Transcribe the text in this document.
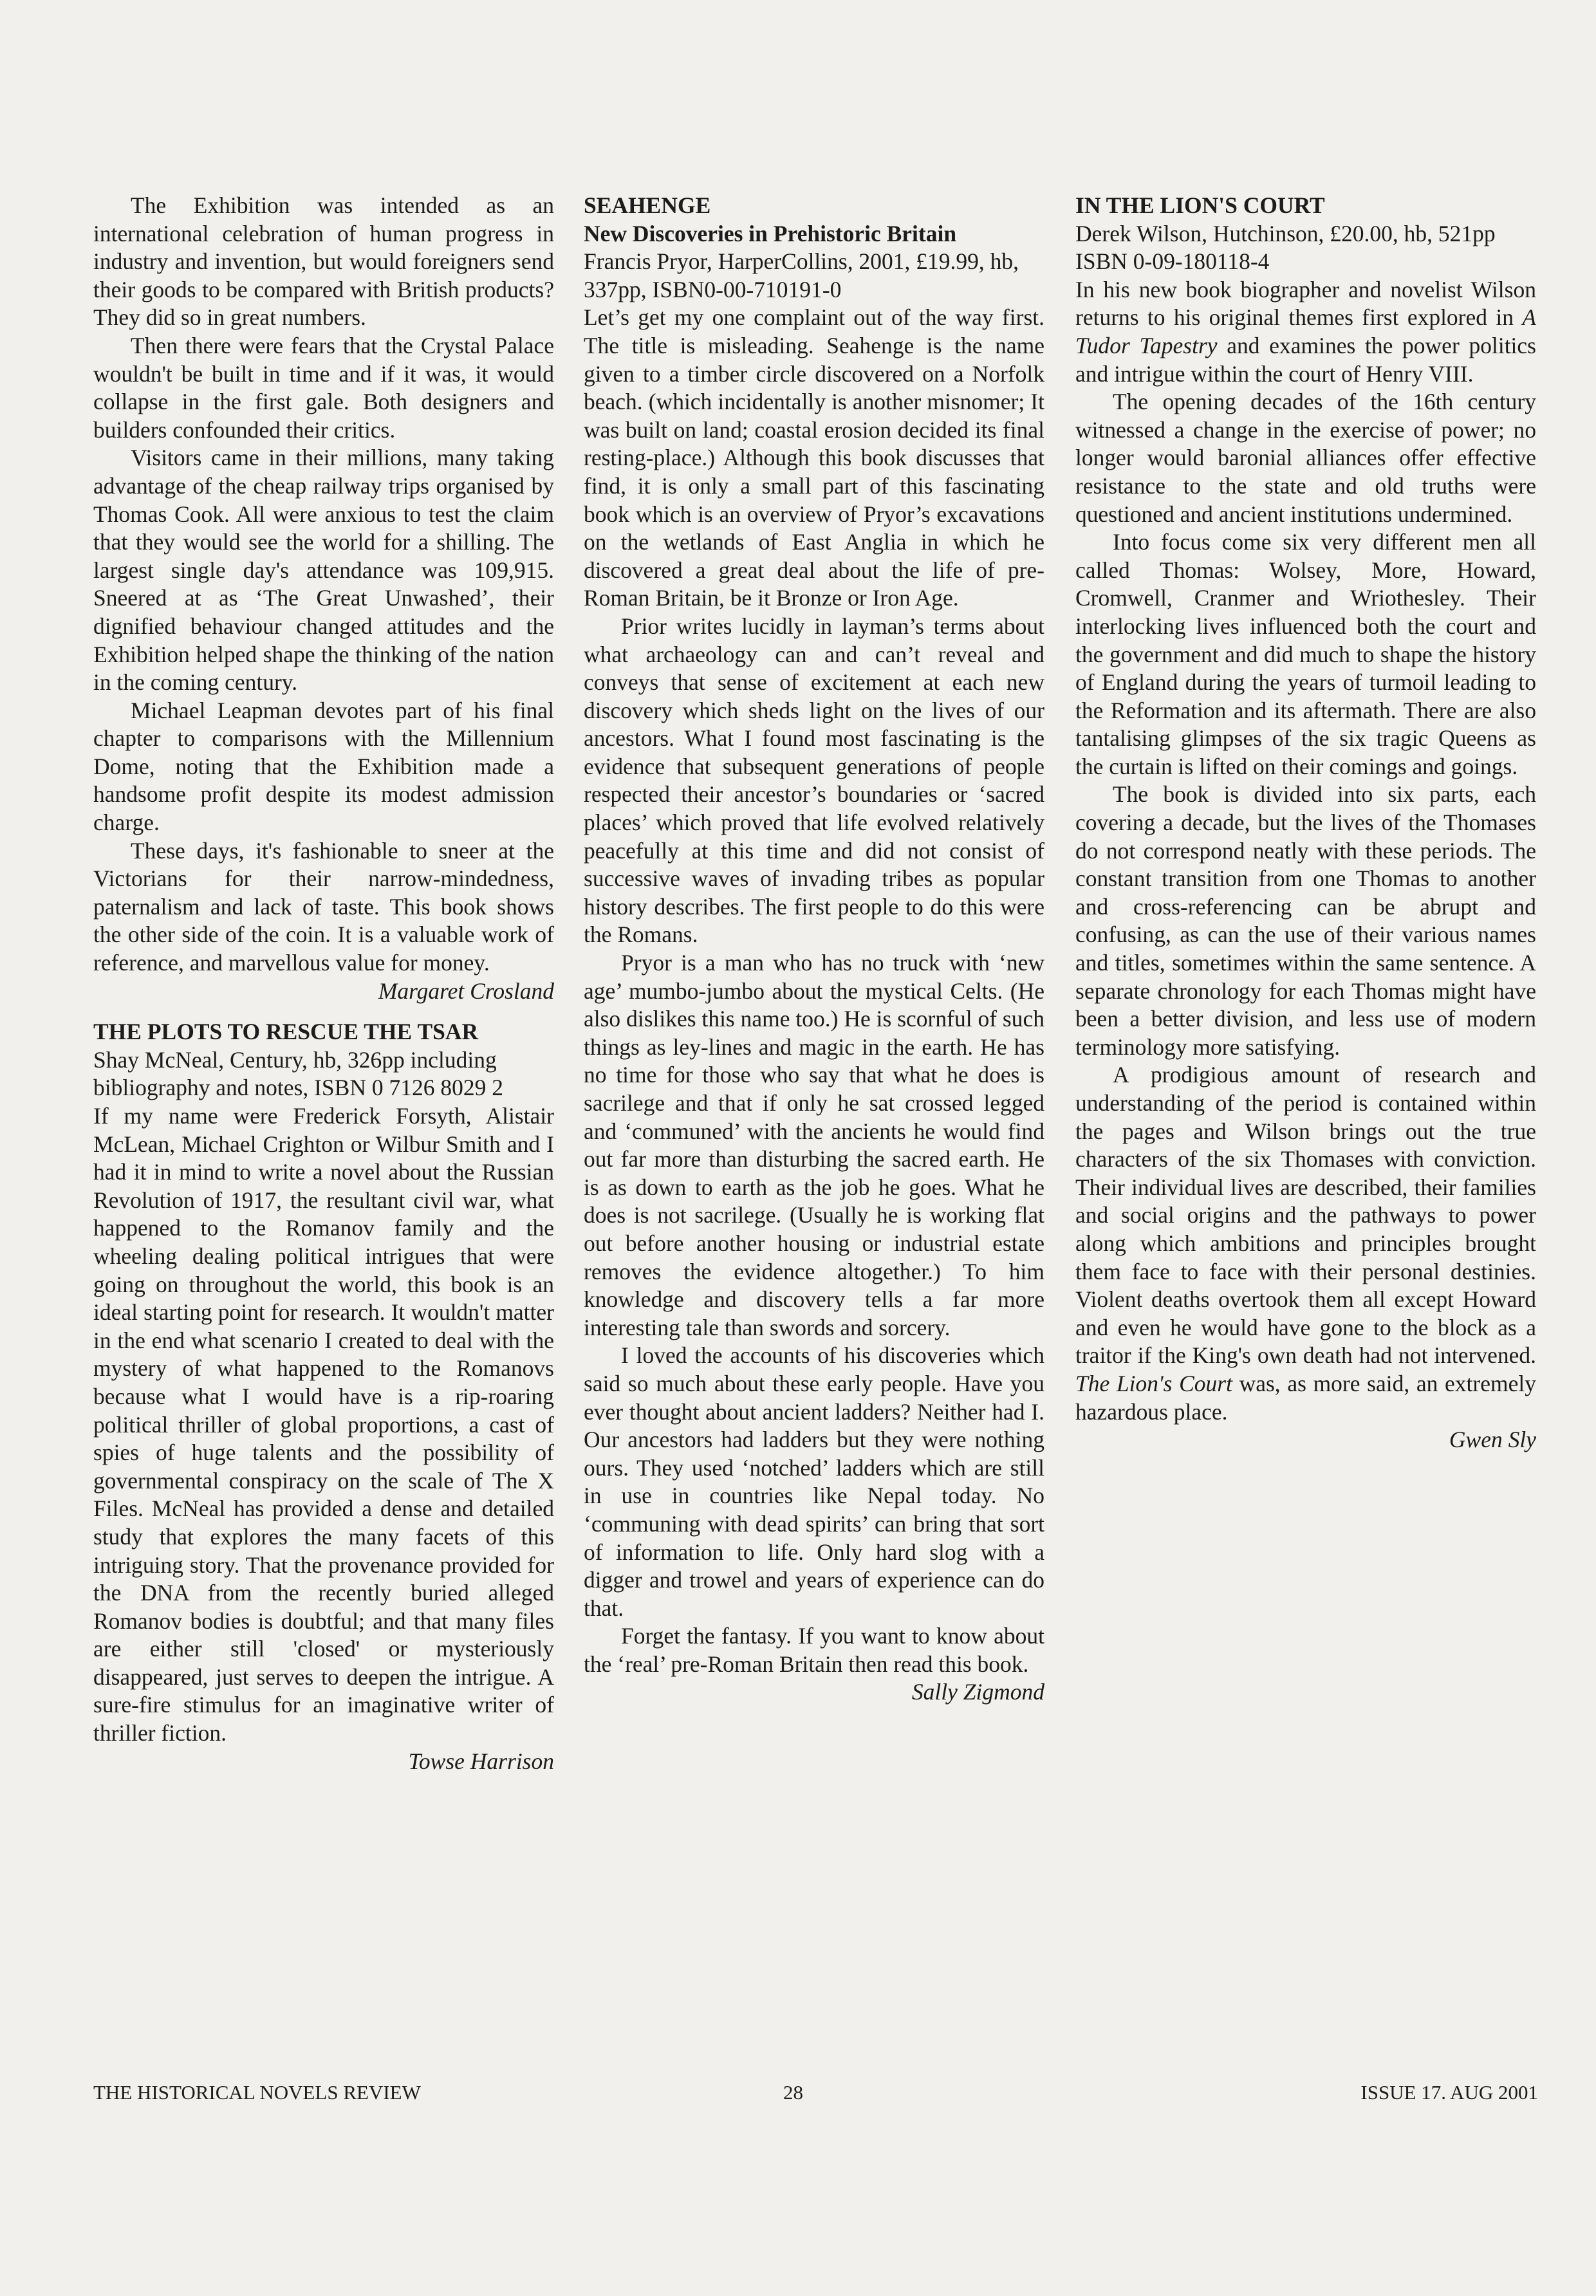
The Exhibition was intended as an international celebration of human progress in industry and invention, but would foreigners send their goods to be compared with British products? They did so in great numbers.

Then there were fears that the Crystal Palace wouldn't be built in time and if it was, it would collapse in the first gale. Both designers and builders confounded their critics.

Visitors came in their millions, many taking advantage of the cheap railway trips organised by Thomas Cook. All were anxious to test the claim that they would see the world for a shilling. The largest single day's attendance was 109,915. Sneered at as ‘The Great Unwashed’, their dignified behaviour changed attitudes and the Exhibition helped shape the thinking of the nation in the coming century.

Michael Leapman devotes part of his final chapter to comparisons with the Millennium Dome, noting that the Exhibition made a handsome profit despite its modest admission charge.

These days, it's fashionable to sneer at the Victorians for their narrow-mindedness, paternalism and lack of taste. This book shows the other side of the coin. It is a valuable work of reference, and marvellous value for money.

Margaret Crosland

THE PLOTS TO RESCUE THE TSAR

Shay McNeal, Century, hb, 326pp including bibliography and notes, ISBN 0 7126 8029 2

If my name were Frederick Forsyth, Alistair McLean, Michael Crighton or Wilbur Smith and I had it in mind to write a novel about the Russian Revolution of 1917, the resultant civil war, what happened to the Romanov family and the wheeling dealing political intrigues that were going on throughout the world, this book is an ideal starting point for research. It wouldn't matter in the end what scenario I created to deal with the mystery of what happened to the Romanovs because what I would have is a rip-roaring political thriller of global proportions, a cast of spies of huge talents and the possibility of governmental conspiracy on the scale of The X Files. McNeal has provided a dense and detailed study that explores the many facets of this intriguing story. That the provenance provided for the DNA from the recently buried alleged Romanov bodies is doubtful; and that many files are either still 'closed' or mysteriously disappeared, just serves to deepen the intrigue. A sure-fire stimulus for an imaginative writer of thriller fiction.

Towse Harrison

SEAHENGE

New Discoveries in Prehistoric Britain

Francis Pryor, HarperCollins, 2001, £19.99, hb, 337pp, ISBN0-00-710191-0

Let’s get my one complaint out of the way first. The title is misleading. Seahenge is the name given to a timber circle discovered on a Norfolk beach. (which incidentally is another misnomer; It was built on land; coastal erosion decided its final resting-place.) Although this book discusses that find, it is only a small part of this fascinating book which is an overview of Pryor’s excavations on the wetlands of East Anglia in which he discovered a great deal about the life of pre-Roman Britain, be it Bronze or Iron Age.

Prior writes lucidly in layman’s terms about what archaeology can and can’t reveal and conveys that sense of excitement at each new discovery which sheds light on the lives of our ancestors. What I found most fascinating is the evidence that subsequent generations of people respected their ancestor’s boundaries or ‘sacred places’ which proved that life evolved relatively peacefully at this time and did not consist of successive waves of invading tribes as popular history describes. The first people to do this were the Romans.

Pryor is a man who has no truck with ‘new age’ mumbo-jumbo about the mystical Celts. (He also dislikes this name too.) He is scornful of such things as ley-lines and magic in the earth. He has no time for those who say that what he does is sacrilege and that if only he sat crossed legged and ‘communed’ with the ancients he would find out far more than disturbing the sacred earth. He is as down to earth as the job he goes. What he does is not sacrilege. (Usually he is working flat out before another housing or industrial estate removes the evidence altogether.) To him knowledge and discovery tells a far more interesting tale than swords and sorcery.

I loved the accounts of his discoveries which said so much about these early people. Have you ever thought about ancient ladders? Neither had I. Our ancestors had ladders but they were nothing ours. They used ‘notched’ ladders which are still in use in countries like Nepal today. No ‘communing with dead spirits’ can bring that sort of information to life. Only hard slog with a digger and trowel and years of experience can do that.

Forget the fantasy. If you want to know about the ‘real’ pre-Roman Britain then read this book.

Sally Zigmond

IN THE LION'S COURT

Derek Wilson, Hutchinson, £20.00, hb, 521pp ISBN 0-09-180118-4

In his new book biographer and novelist Wilson returns to his original themes first explored in A Tudor Tapestry and examines the power politics and intrigue within the court of Henry VIII.

The opening decades of the 16th century witnessed a change in the exercise of power; no longer would baronial alliances offer effective resistance to the state and old truths were questioned and ancient institutions undermined.

Into focus come six very different men all called Thomas: Wolsey, More, Howard, Cromwell, Cranmer and Wriothesley. Their interlocking lives influenced both the court and the government and did much to shape the history of England during the years of turmoil leading to the Reformation and its aftermath. There are also tantalising glimpses of the six tragic Queens as the curtain is lifted on their comings and goings.

The book is divided into six parts, each covering a decade, but the lives of the Thomases do not correspond neatly with these periods. The constant transition from one Thomas to another and cross-referencing can be abrupt and confusing, as can the use of their various names and titles, sometimes within the same sentence. A separate chronology for each Thomas might have been a better division, and less use of modern terminology more satisfying.

A prodigious amount of research and understanding of the period is contained within the pages and Wilson brings out the true characters of the six Thomases with conviction. Their individual lives are described, their families and social origins and the pathways to power along which ambitions and principles brought them face to face with their personal destinies. Violent deaths overtook them all except Howard and even he would have gone to the block as a traitor if the King's own death had not intervened. The Lion's Court was, as more said, an extremely hazardous place.

Gwen Sly

THE HISTORICAL NOVELS REVIEW	28	ISSUE 17. AUG 2001
